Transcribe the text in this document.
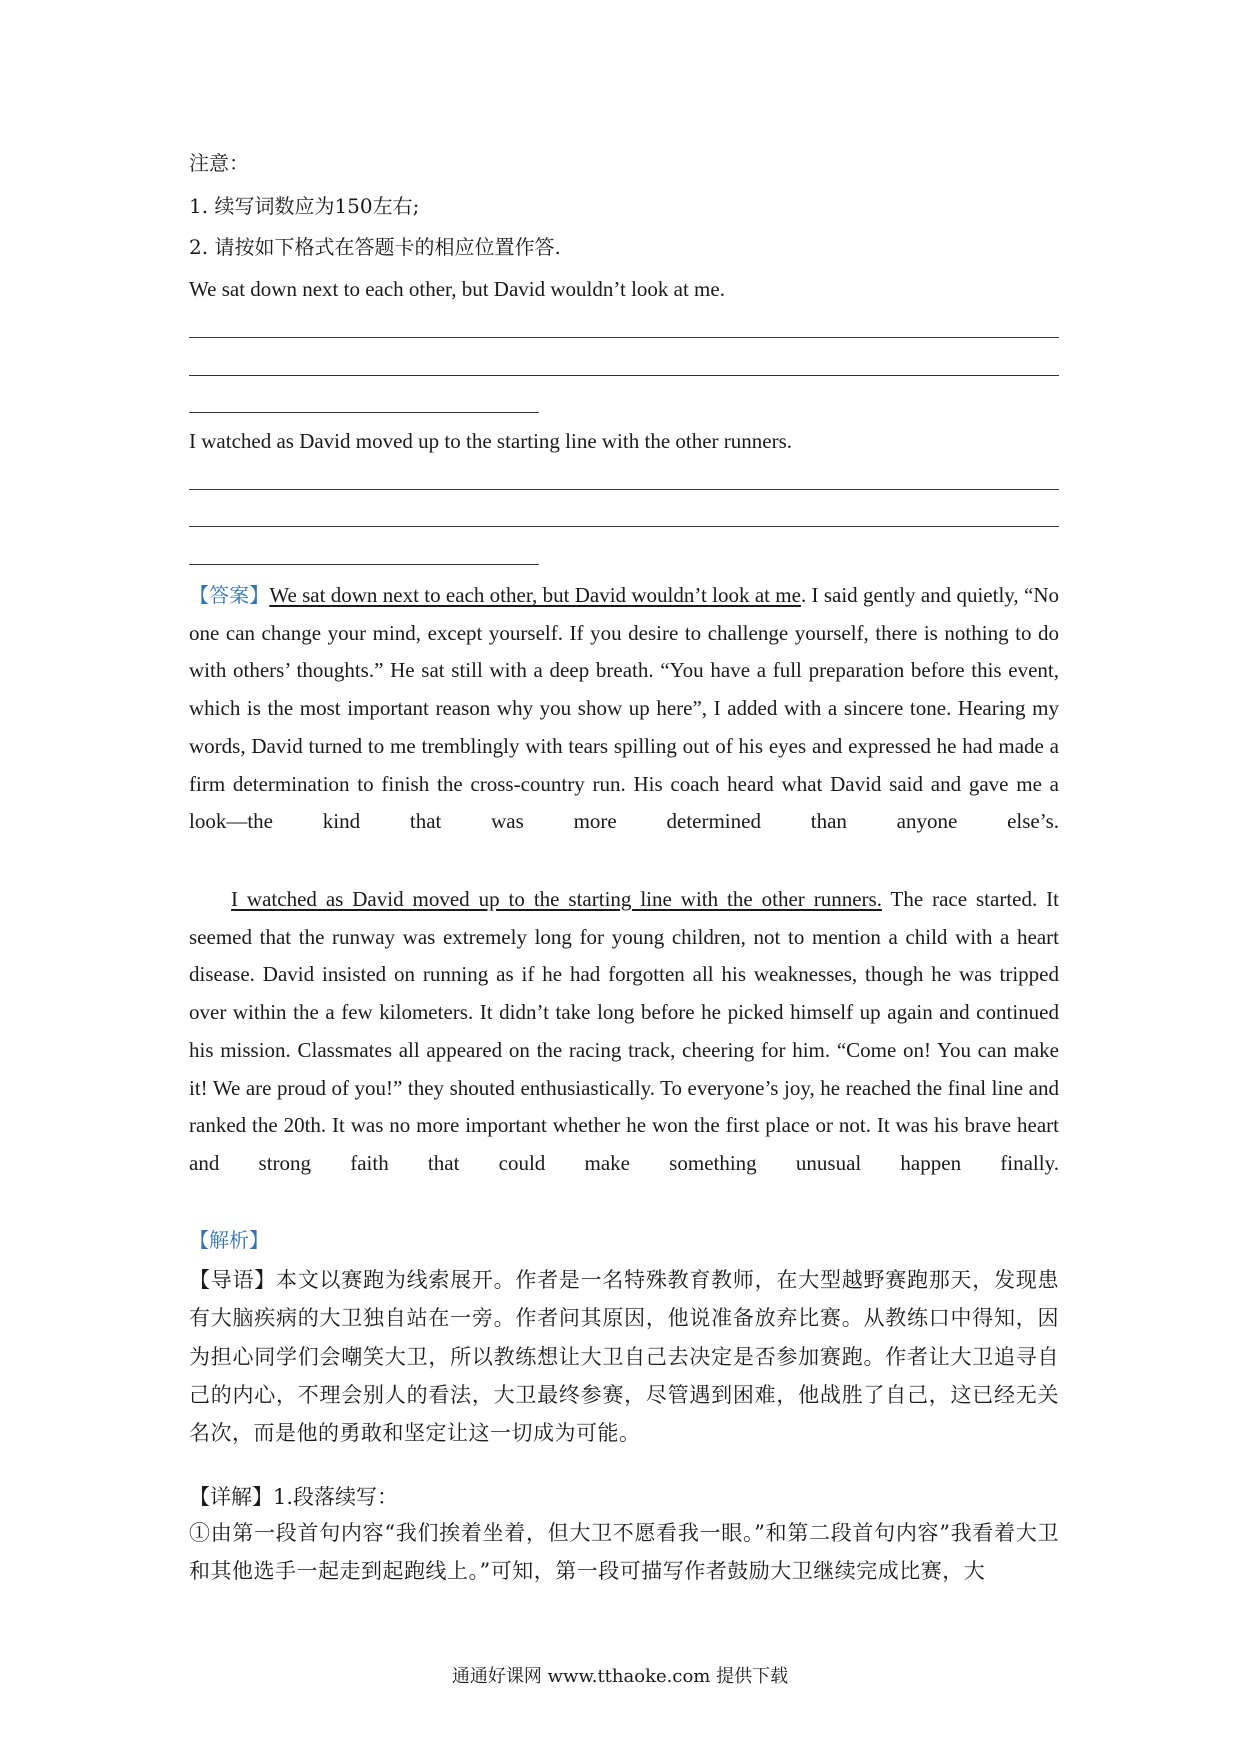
注意：
1. 续写词数应为150左右;
2. 请按如下格式在答题卡的相应位置作答.
We sat down next to each other, but David wouldn’t look at me.
I watched as David moved up to the starting line with the other runners.

【答案】We sat down next to each other, but David wouldn’t look at me. I said gently and quietly, “No one can change your mind, except yourself. If you desire to challenge yourself, there is nothing to do with others’ thoughts.” He sat still with a deep breath. “You have a full preparation before this event, which is the most important reason why you show up here”, I added with a sincere tone. Hearing my words, David turned to me tremblingly with tears spilling out of his eyes and expressed he had made a firm determination to finish the cross-country run. His coach heard what David said and gave me a look—the kind that was more determined than anyone else’s.

I watched as David moved up to the starting line with the other runners. The race started. It seemed that the runway was extremely long for young children, not to mention a child with a heart disease. David insisted on running as if he had forgotten all his weaknesses, though he was tripped over within the a few kilometers. It didn’t take long before he picked himself up again and continued his mission. Classmates all appeared on the racing track, cheering for him. “Come on! You can make it! We are proud of you!” they shouted enthusiastically. To everyone’s joy, he reached the final line and ranked the 20th. It was no more important whether he won the first place or not. It was his brave heart and strong faith that could make something unusual happen finally.

【解析】

【导语】本文以赛跑为线索展开。作者是一名特殊教育教师，在大型越野赛跑那天，发现患有大脑疾病的大卫独自站在一旁。作者问其原因，他说准备放弃比赛。从教练口中得知，因为担心同学们会嘲笑大卫，所以教练想让大卫自己去决定是否参加赛跑。作者让大卫追寻自己的内心，不理会别人的看法，大卫最终参赛，尽管遇到困难，他战胜了自己，这已经无关名次，而是他的勇敢和坚定让这一切成为可能。

【详解】1.段落续写：

①由第一段首句内容“我们挨着坐着，但大卫不愿看我一眼。”和第二段首句内容”我看着大卫和其他选手一起走到起跑线上。”可知，第一段可描写作者鼓励大卫继续完成比赛，大

通通好课网 www.tthaoke.com 提供下载
